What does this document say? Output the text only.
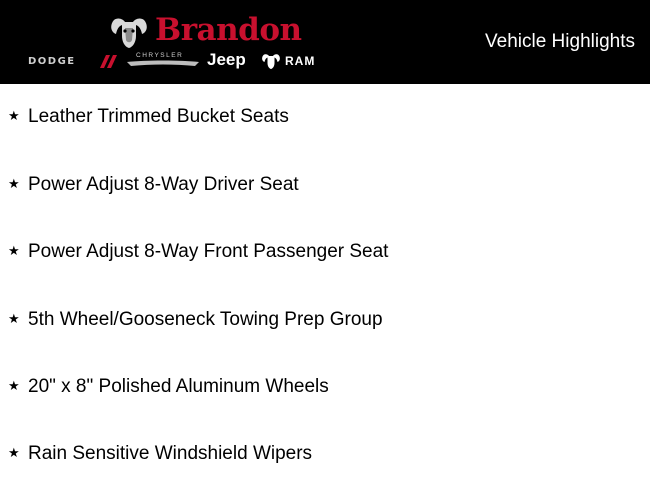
Brandon
DODGE
CHRYSLER Jeep	RAM
Vehicle Highlights
★ Leather Trimmed Bucket Seats
★ Power Adjust 8-Way Driver Seat
★ Power Adjust 8-Way Front Passenger Seat
★ 5th Wheel/Gooseneck Towing Prep Group
★ 20" x 8" Polished Aluminum Wheels
★ Rain Sensitive Windshield Wipers
